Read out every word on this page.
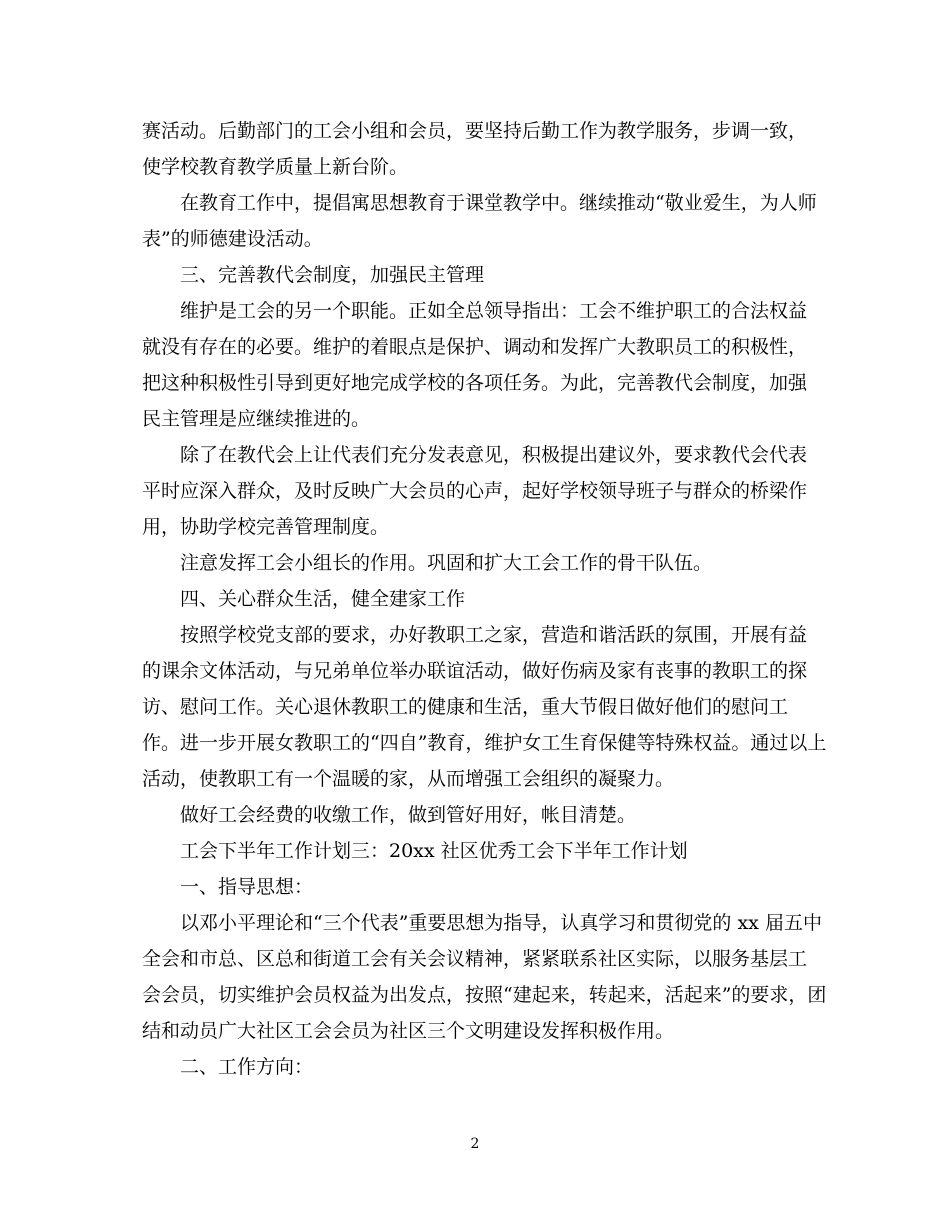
赛活动。后勤部门的工会小组和会员，要坚持后勤工作为教学服务，步调一致，
使学校教育教学质量上新台阶。
在教育工作中，提倡寓思想教育于课堂教学中。继续推动“敬业爱生，为人师
表”的师德建设活动。
三、完善教代会制度，加强民主管理
维护是工会的另一个职能。正如全总领导指出：工会不维护职工的合法权益
就没有存在的必要。维护的着眼点是保护、调动和发挥广大教职员工的积极性，
把这种积极性引导到更好地完成学校的各项任务。为此，完善教代会制度，加强
民主管理是应继续推进的。
除了在教代会上让代表们充分发表意见，积极提出建议外，要求教代会代表
平时应深入群众，及时反映广大会员的心声，起好学校领导班子与群众的桥梁作
用，协助学校完善管理制度。
注意发挥工会小组长的作用。巩固和扩大工会工作的骨干队伍。
四、关心群众生活，健全建家工作
按照学校党支部的要求，办好教职工之家，营造和谐活跃的氛围，开展有益
的课余文体活动，与兄弟单位举办联谊活动，做好伤病及家有丧事的教职工的探
访、慰问工作。关心退休教职工的健康和生活，重大节假日做好他们的慰问工
作。进一步开展女教职工的“四自”教育，维护女工生育保健等特殊权益。通过以上
活动，使教职工有一个温暖的家，从而增强工会组织的凝聚力。
做好工会经费的收缴工作，做到管好用好，帐目清楚。
工会下半年工作计划三：20xx 社区优秀工会下半年工作计划
一、指导思想：
以邓小平理论和“三个代表”重要思想为指导，认真学习和贯彻党的 xx 届五中
全会和市总、区总和街道工会有关会议精神，紧紧联系社区实际，以服务基层工
会会员，切实维护会员权益为出发点，按照“建起来，转起来，活起来”的要求，团
结和动员广大社区工会会员为社区三个文明建设发挥积极作用。
二、工作方向：
2
